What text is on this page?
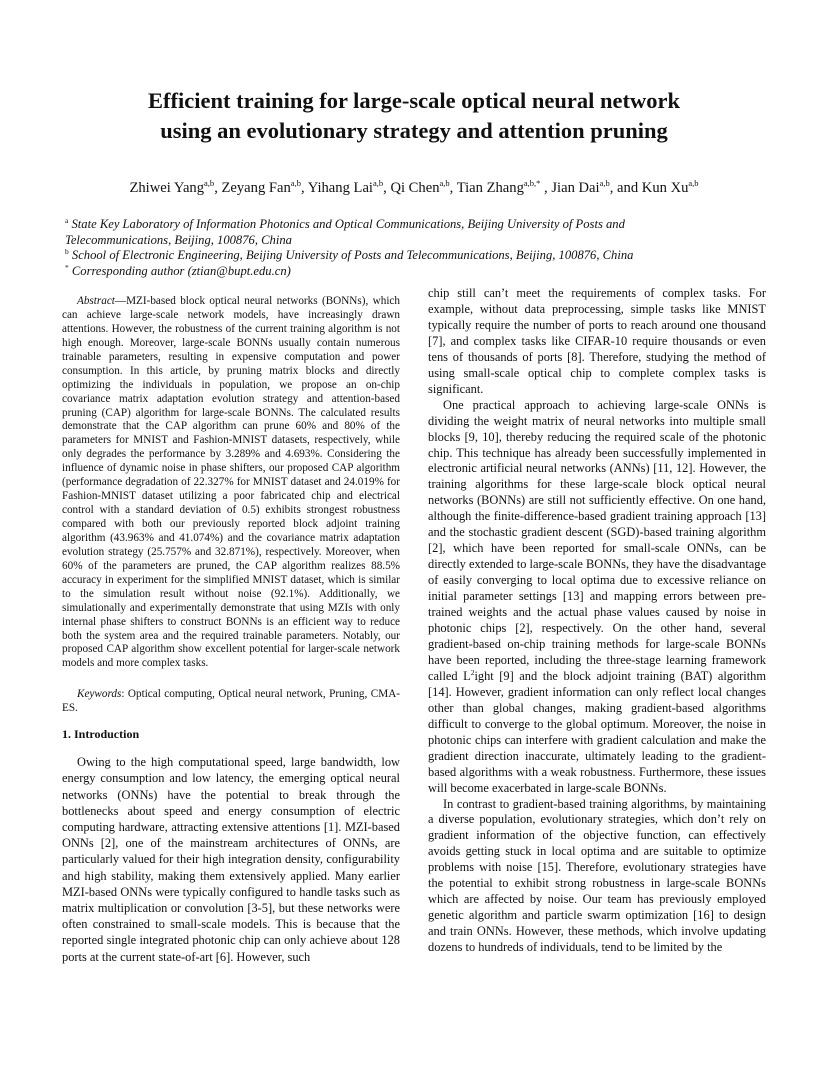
Efficient training for large-scale optical neural network
using an evolutionary strategy and attention pruning
Zhiwei Yang$^{a,b}$, Zeyang Fan$^{a,b}$, Yihang Lai$^{a,b}$, Qi Chen$^{a,b}$, Tian Zhang$^{a,b,*}$ , Jian Dai$^{a,b}$, and Kun Xu$^{a,b}$
$^a$ State Key Laboratory of Information Photonics and Optical Communications, Beijing University of Posts and
Telecommunications, Beijing, 100876, China
$^b$ School of Electronic Engineering, Beijing University of Posts and Telecommunications, Beijing, 100876, China
* Corresponding author (ztian@bupt.edu.cn)

Abstract—MZI-based block optical neural networks (BONNs), which can achieve large-scale network models, have increasingly drawn attentions. However, the robustness of the current training algorithm is not high enough. Moreover, large-scale BONNs usually contain numerous trainable parameters, resulting in expensive computation and power consumption. In this article, by pruning matrix blocks and directly optimizing the individuals in population, we propose an on-chip covariance matrix adaptation evolution strategy and attention-based pruning (CAP) algorithm for large-scale BONNs. The calculated results demonstrate that the CAP algorithm can prune 60% and 80% of the parameters for MNIST and Fashion-MNIST datasets, respectively, while only degrades the performance by 3.289% and 4.693%. Considering the influence of dynamic noise in phase shifters, our proposed CAP algorithm (performance degradation of 22.327% for MNIST dataset and 24.019% for Fashion-MNIST dataset utilizing a poor fabricated chip and electrical control with a standard deviation of 0.5) exhibits strongest robustness compared with both our previously reported block adjoint training algorithm (43.963% and 41.074%) and the covariance matrix adaptation evolution strategy (25.757% and 32.871%), respectively. Moreover, when 60% of the parameters are pruned, the CAP algorithm realizes 88.5% accuracy in experiment for the simplified MNIST dataset, which is similar to the simulation result without noise (92.1%). Additionally, we simulationally and experimentally demonstrate that using MZIs with only internal phase shifters to construct BONNs is an efficient way to reduce both the system area and the required trainable parameters. Notably, our proposed CAP algorithm show excellent potential for larger-scale network models and more complex tasks.

Keywords: Optical computing, Optical neural network, Pruning, CMA-ES.

1. Introduction

Owing to the high computational speed, large bandwidth, low energy consumption and low latency, the emerging optical neural networks (ONNs) have the potential to break through the bottlenecks about speed and energy consumption of electric computing hardware, attracting extensive attentions [1]. MZI-based ONNs [2], one of the mainstream architectures of ONNs, are particularly valued for their high integration density, configurability and high stability, making them extensively applied. Many earlier MZI-based ONNs were typically configured to handle tasks such as matrix multiplication or convolution [3-5], but these networks were often constrained to small-scale models. This is because that the reported single integrated photonic chip can only achieve about 128 ports at the current state-of-art [6]. However, such

chip still can’t meet the requirements of complex tasks. For example, without data preprocessing, simple tasks like MNIST typically require the number of ports to reach around one thousand [7], and complex tasks like CIFAR-10 require thousands or even tens of thousands of ports [8]. Therefore, studying the method of using small-scale optical chip to complete complex tasks is significant.

One practical approach to achieving large-scale ONNs is dividing the weight matrix of neural networks into multiple small blocks [9, 10], thereby reducing the required scale of the photonic chip. This technique has already been successfully implemented in electronic artificial neural networks (ANNs) [11, 12]. However, the training algorithms for these large-scale block optical neural networks (BONNs) are still not sufficiently effective. On one hand, although the finite-difference-based gradient training approach [13] and the stochastic gradient descent (SGD)-based training algorithm [2], which have been reported for small-scale ONNs, can be directly extended to large-scale BONNs, they have the disadvantage of easily converging to local optima due to excessive reliance on initial parameter settings [13] and mapping errors between pre-trained weights and the actual phase values caused by noise in photonic chips [2], respectively. On the other hand, several gradient-based on-chip training methods for large-scale BONNs have been reported, including the three-stage learning framework called $L^2ight$ [9] and the block adjoint training (BAT) algorithm [14]. However, gradient information can only reflect local changes other than global changes, making gradient-based algorithms difficult to converge to the global optimum. Moreover, the noise in photonic chips can interfere with gradient calculation and make the gradient direction inaccurate, ultimately leading to the gradient-based algorithms with a weak robustness. Furthermore, these issues will become exacerbated in large-scale BONNs.

In contrast to gradient-based training algorithms, by maintaining a diverse population, evolutionary strategies, which don’t rely on gradient information of the objective function, can effectively avoids getting stuck in local optima and are suitable to optimize problems with noise [15]. Therefore, evolutionary strategies have the potential to exhibit strong robustness in large-scale BONNs which are affected by noise. Our team has previously employed genetic algorithm and particle swarm optimization [16] to design and train ONNs. However, these methods, which involve updating dozens to hundreds of individuals, tend to be limited by the
